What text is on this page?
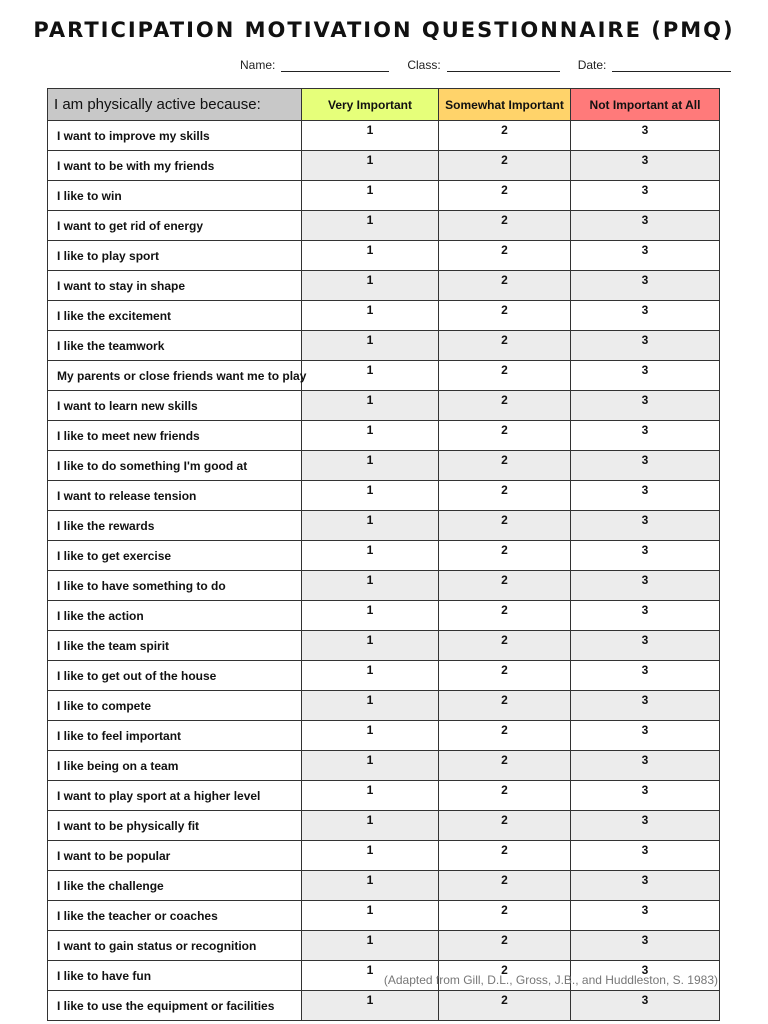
PARTICIPATION MOTIVATION QUESTIONNAIRE (PMQ)
Name:	Class:	Date:
I am physically active because:	Very Important	Somewhat Important	Not Important at All
I want to improve my skills	1	2	3
I want to be with my friends	1	2	3
I like to win	1	2	3
I want to get rid of energy	1	2	3
I like to play sport	1	2	3
I want to stay in shape	1	2	3
I like the excitement	1	2	3
I like the teamwork	1	2	3
My parents or close friends want me to play	1	2	3
I want to learn new skills	1	2	3
I like to meet new friends	1	2	3
I like to do something I'm good at	1	2	3
I want to release tension	1	2	3
I like the rewards	1	2	3
I like to get exercise	1	2	3
I like to have something to do	1	2	3
I like the action	1	2	3
I like the team spirit	1	2	3
I like to get out of the house	1	2	3
I like to compete	1	2	3
I like to feel important	1	2	3
I like being on a team	1	2	3
I want to play sport at a higher level	1	2	3
I want to be physically fit	1	2	3
I want to be popular	1	2	3
I like the challenge	1	2	3
I like the teacher or coaches	1	2	3
I want to gain status or recognition	1	2	3
I like to have fun	1	2	3
I like to use the equipment or facilities	1	2	3
(Adapted from Gill, D.L., Gross, J.B., and Huddleston, S. 1983)
